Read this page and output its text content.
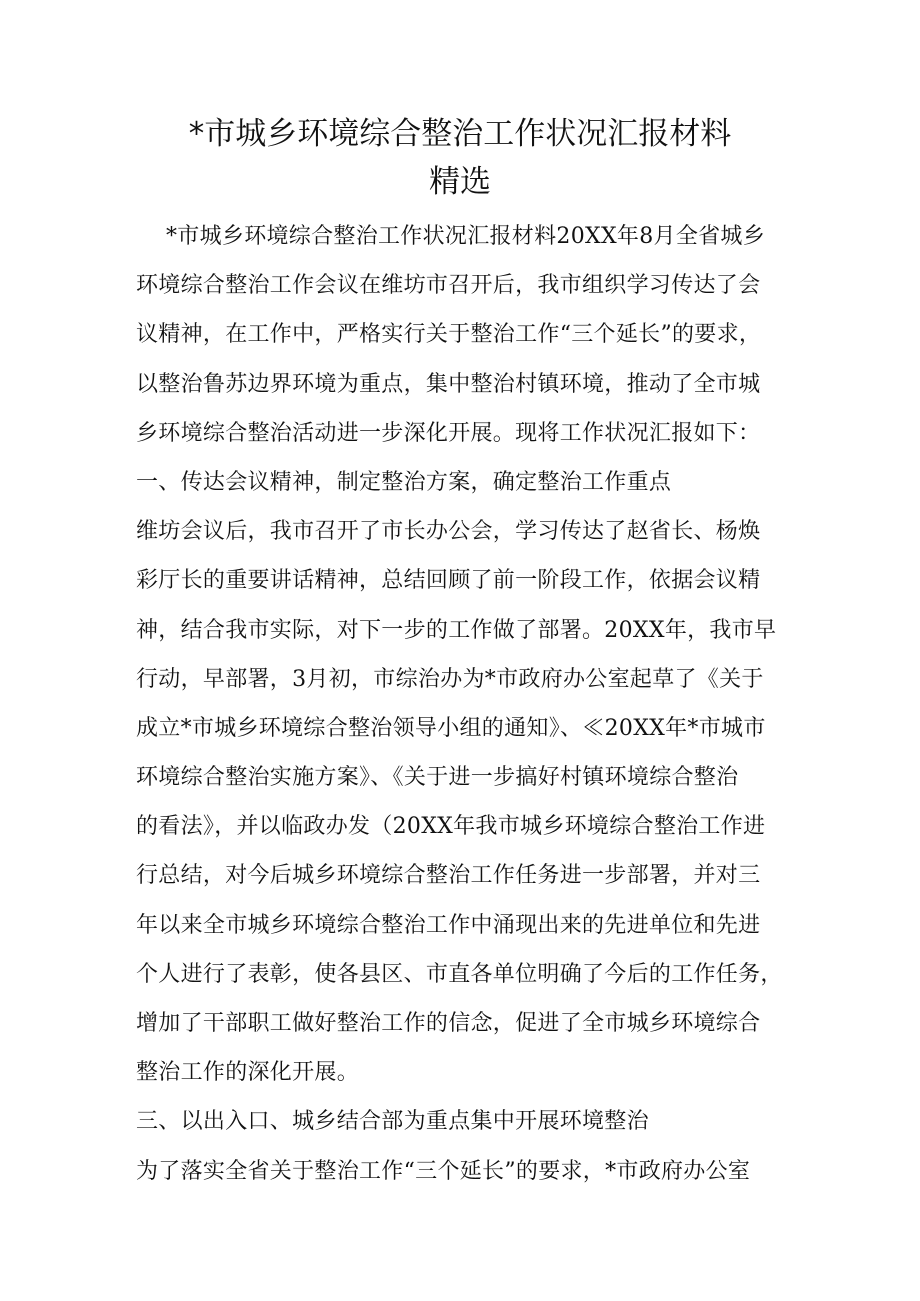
*市城乡环境综合整治工作状况汇报材料
精选
*市城乡环境综合整治工作状况汇报材料20XX年8月全省城乡
环境综合整治工作会议在维坊市召开后，我市组织学习传达了会
议精神，在工作中，严格实行关于整治工作“三个延长”的要求，
以整治鲁苏边界环境为重点，集中整治村镇环境，推动了全市城
乡环境综合整治活动进一步深化开展。现将工作状况汇报如下：
一、传达会议精神，制定整治方案，确定整治工作重点
维坊会议后，我市召开了市长办公会，学习传达了赵省长、杨焕
彩厅长的重要讲话精神，总结回顾了前一阶段工作，依据会议精
神，结合我市实际，对下一步的工作做了部署。20XX年，我市早
行动，早部署，3月初，市综治办为*市政府办公室起草了《关于
成立*市城乡环境综合整治领导小组的通知》、≪20XX年*市城市
环境综合整治实施方案》、《关于进一步搞好村镇环境综合整治
的看法》，并以临政办发（20XX年我市城乡环境综合整治工作进
行总结，对今后城乡环境综合整治工作任务进一步部署，并对三
年以来全市城乡环境综合整治工作中涌现出来的先进单位和先进
个人进行了表彰，使各县区、市直各单位明确了今后的工作任务，
增加了干部职工做好整治工作的信念，促进了全市城乡环境综合
整治工作的深化开展。
三、以出入口、城乡结合部为重点集中开展环境整治
为了落实全省关于整治工作“三个延长”的要求，*市政府办公室
